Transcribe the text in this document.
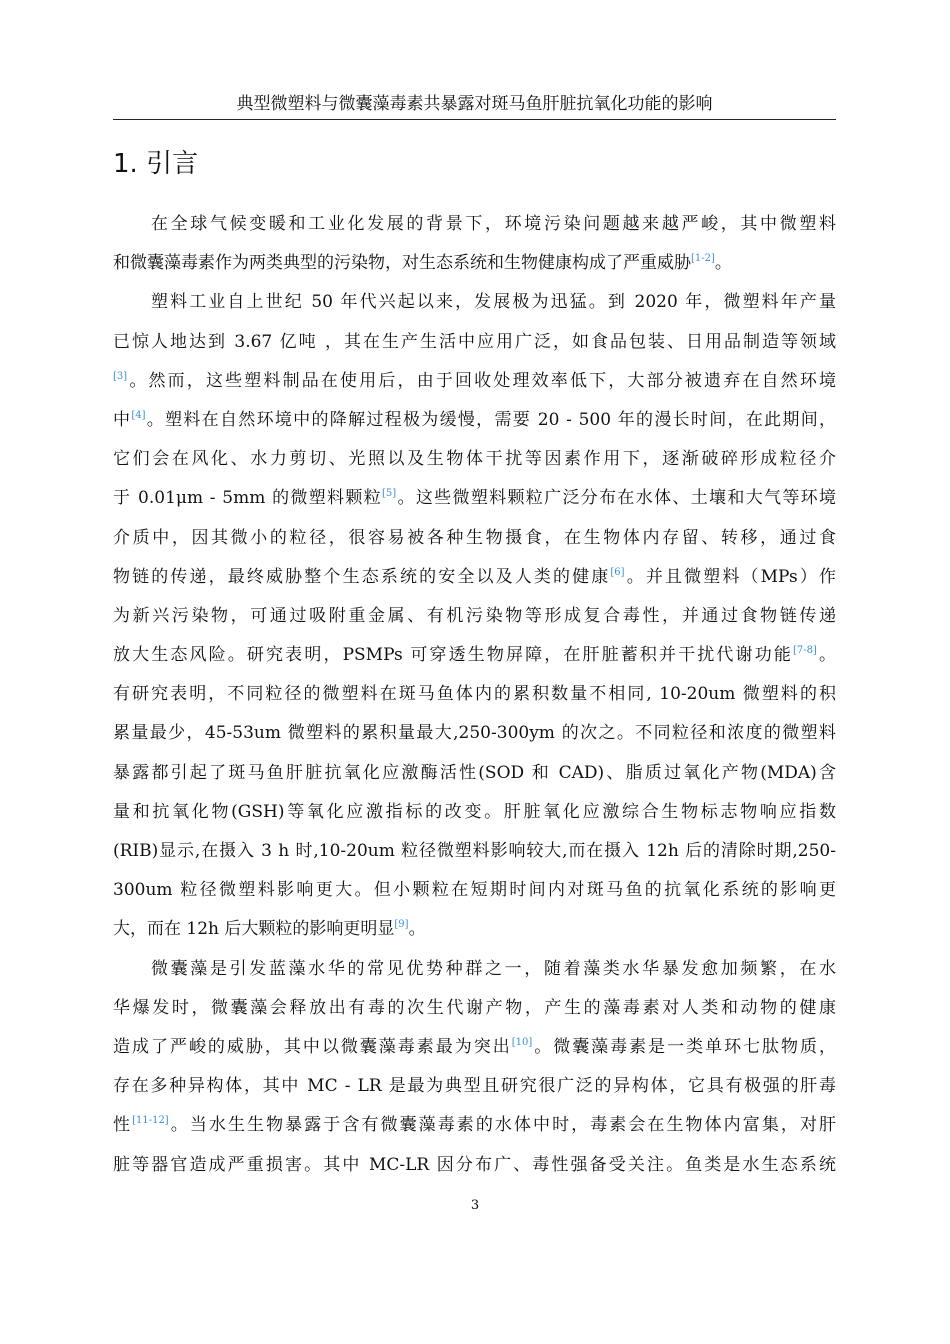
典型微塑料与微囊藻毒素共暴露对斑马鱼肝脏抗氧化功能的影响
1. 引言
在全球气候变暖和工业化发展的背景下，环境污染问题越来越严峻，其中微塑料
和微囊藻毒素作为两类典型的污染物，对生态系统和生物健康构成了严重威胁[1-2]。
塑料工业自上世纪 50 年代兴起以来，发展极为迅猛。到 2020 年，微塑料年产量
已惊人地达到 3.67 亿吨 ，其在生产生活中应用广泛，如食品包装、日用品制造等领域
[3]。然而，这些塑料制品在使用后，由于回收处理效率低下，大部分被遗弃在自然环境
中[4]。塑料在自然环境中的降解过程极为缓慢，需要 20 - 500 年的漫长时间，在此期间，
它们会在风化、水力剪切、光照以及生物体干扰等因素作用下，逐渐破碎形成粒径介
于 0.01μm - 5mm 的微塑料颗粒[5]。这些微塑料颗粒广泛分布在水体、土壤和大气等环境
介质中，因其微小的粒径，很容易被各种生物摄食，在生物体内存留、转移，通过食
物链的传递，最终威胁整个生态系统的安全以及人类的健康[6]。并且微塑料（MPs）作
为新兴污染物，可通过吸附重金属、有机污染物等形成复合毒性，并通过食物链传递
放大生态风险。研究表明，PSMPs 可穿透生物屏障，在肝脏蓄积并干扰代谢功能[7-8]。
有研究表明，不同粒径的微塑料在斑马鱼体内的累积数量不相同, 10-20um 微塑料的积
累量最少，45-53um 微塑料的累积量最大,250-300ym 的次之。不同粒径和浓度的微塑料
暴露都引起了斑马鱼肝脏抗氧化应激酶活性(SOD 和 CAD)、脂质过氧化产物(MDA)含
量和抗氧化物(GSH)等氧化应激指标的改变。肝脏氧化应激综合生物标志物响应指数
(RIB)显示,在摄入 3 h 时,10-20um 粒径微塑料影响较大,而在摄入 12h 后的清除时期,250-
300um 粒径微塑料影响更大。但小颗粒在短期时间内对斑马鱼的抗氧化系统的影响更
大，而在 12h 后大颗粒的影响更明显[9]。
微囊藻是引发蓝藻水华的常见优势种群之一，随着藻类水华暴发愈加频繁，在水
华爆发时，微囊藻会释放出有毒的次生代谢产物，产生的藻毒素对人类和动物的健康
造成了严峻的威胁，其中以微囊藻毒素最为突出[10]。微囊藻毒素是一类单环七肽物质，
存在多种异构体，其中 MC - LR 是最为典型且研究很广泛的异构体，它具有极强的肝毒
性[11-12]。当水生生物暴露于含有微囊藻毒素的水体中时，毒素会在生物体内富集，对肝
脏等器官造成严重损害。其中 MC-LR 因分布广、毒性强备受关注。鱼类是水生态系统
3
